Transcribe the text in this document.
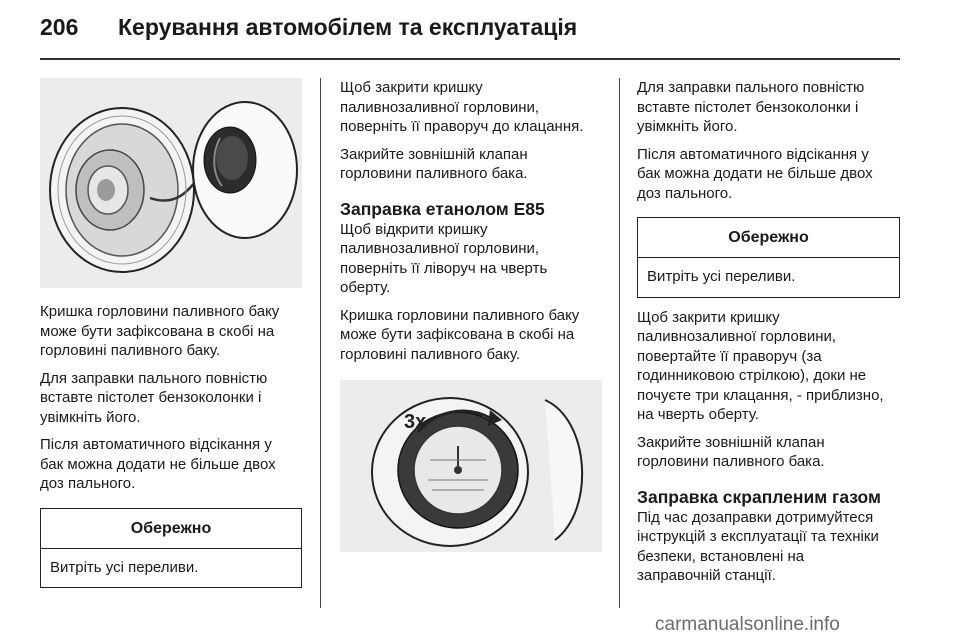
206	Керування автомобілем та експлуатація

Кришка горловини паливного баку
може бути зафіксована в скобі на
горловині паливного баку.

Для заправки пального повністю
вставте пістолет бензоколонки і
увімкніть його.

Після автоматичного відсікання у
бак можна додати не більше двох
доз пального.

Обережно
Витріть усі переливи.

Щоб закрити кришку
паливнозаливної горловини,
поверніть її праворуч до клацання.

Закрийте зовнішній клапан
горловини паливного бака.

Заправка етанолом E85

Щоб відкрити кришку
паливнозаливної горловини,
поверніть її ліворуч на чверть
оберту.

Кришка горловини паливного баку
може бути зафіксована в скобі на
горловині паливного баку.

3x

Для заправки пального повністю
вставте пістолет бензоколонки і
увімкніть його.

Після автоматичного відсікання у
бак можна додати не більше двох
доз пального.

Обережно
Витріть усі переливи.

Щоб закрити кришку
паливнозаливної горловини,
повертайте її праворуч (за
годинниковою стрілкою), доки не
почуєте три клацання, - приблизно,
на чверть оберту.

Закрийте зовнішній клапан
горловини паливного бака.

Заправка скрапленим газом

Під час дозаправки дотримуйтеся
інструкцій з експлуатації та техніки
безпеки, встановлені на
заправочній станції.

carmanualsonline.info
